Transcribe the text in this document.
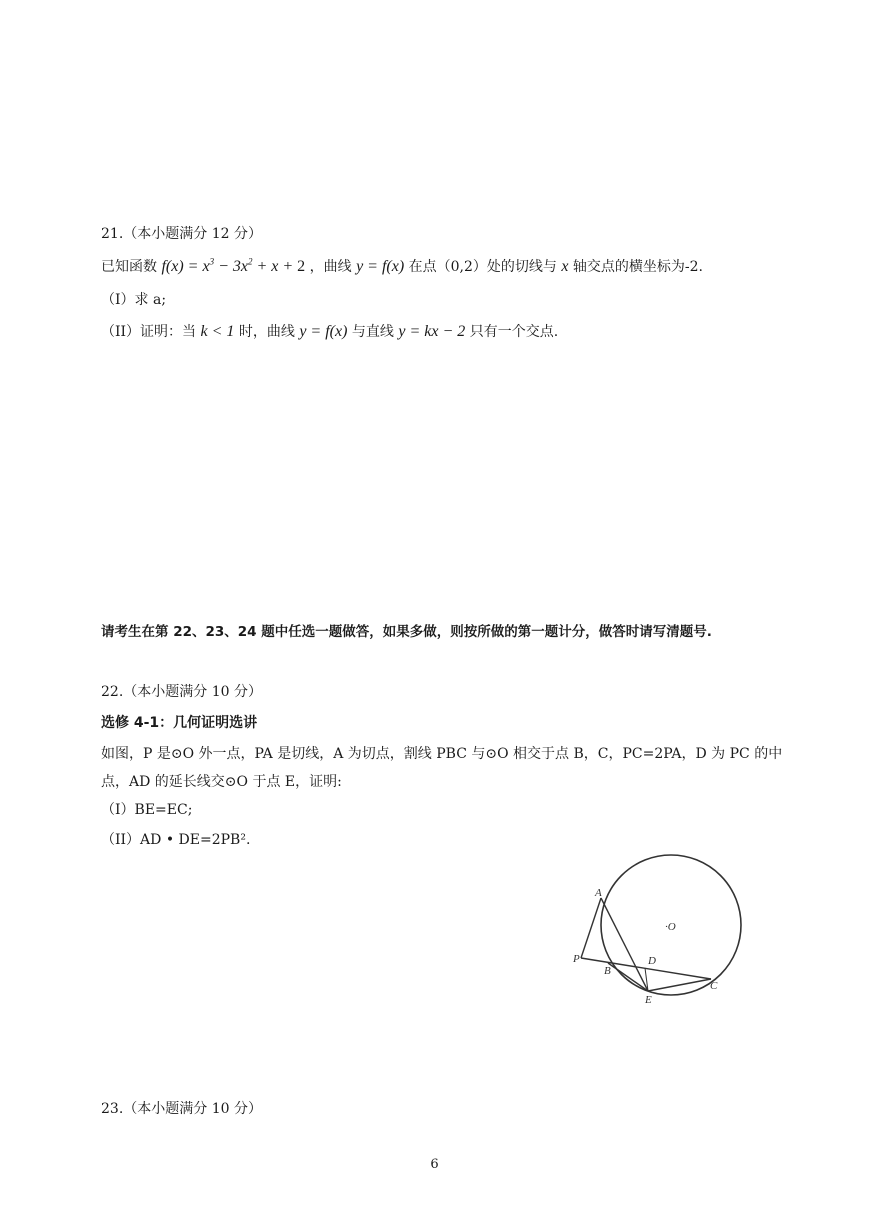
21.（本小题满分 12 分）
已知函数 $f(x) = x^3 - 3x^2 + x + 2$ ，曲线 y = f(x) 在点（0,2）处的切线与 x 轴交点的横坐标为-2.
（I）求 a;
（II）证明：当 k < 1 时，曲线 y = f(x) 与直线 y = kx − 2 只有一个交点.
请考生在第 22、23、24 题中任选一题做答，如果多做，则按所做的第一题计分，做答时请写清题号.
22.（本小题满分 10 分）
选修 4-1：几何证明选讲
如图，P 是⊙O 外一点，PA 是切线，A 为切点，割线 PBC 与⊙O 相交于点 B，C，PC=2PA，D 为 PC 的中
点，AD 的延长线交⊙O 于点 E，证明:
（I）BE=EC;
（II）AD • DE=2PB².
A
·O
P
B
D
E
C
23.（本小题满分 10 分）
6
